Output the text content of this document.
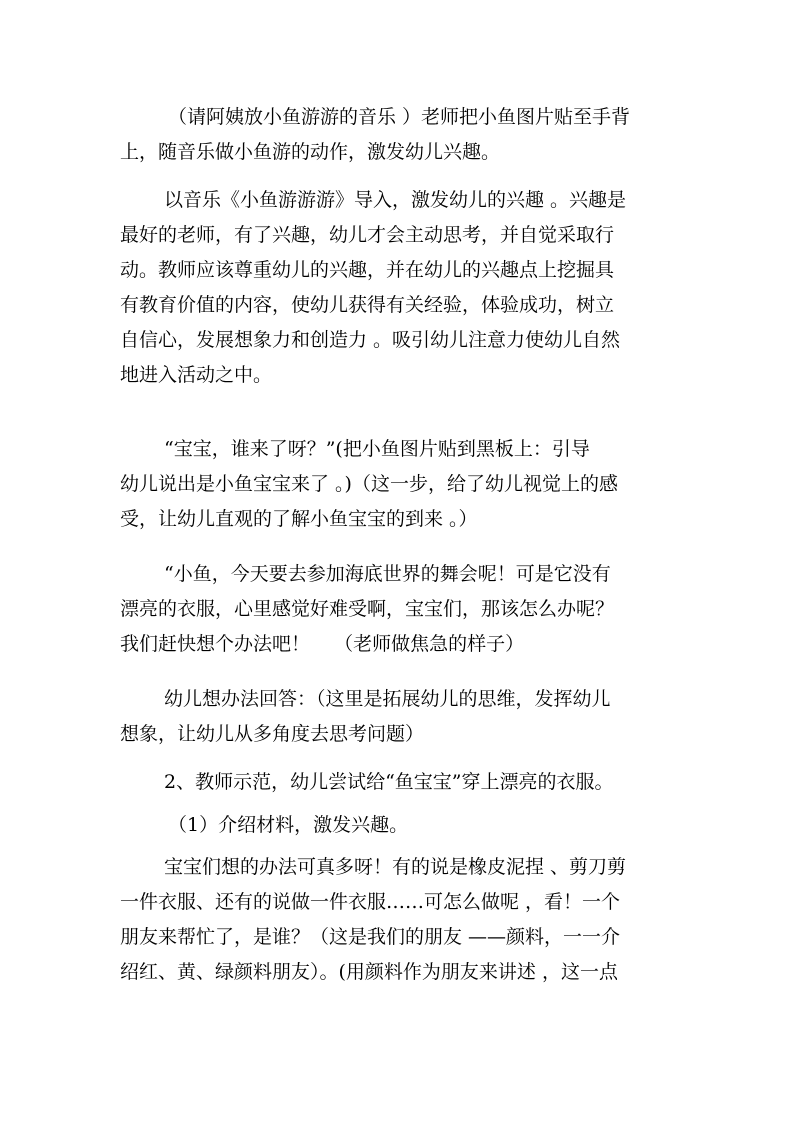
（请阿姨放小鱼游游的音乐 ）老师把小鱼图片贴至手背
上，随音乐做小鱼游的动作，激发幼儿兴趣。
以音乐《小鱼游游游》导入，激发幼儿的兴趣 。兴趣是
最好的老师，有了兴趣，幼儿才会主动思考，并自觉采取行
动。教师应该尊重幼儿的兴趣，并在幼儿的兴趣点上挖掘具
有教育价值的内容，使幼儿获得有关经验，体验成功，树立
自信心，发展想象力和创造力 。吸引幼儿注意力使幼儿自然
地进入活动之中。
“宝宝，谁来了呀？”(把小鱼图片贴到黑板上：引导
幼儿说出是小鱼宝宝来了 。)（这一步，给了幼儿视觉上的感
受，让幼儿直观的了解小鱼宝宝的到来 。）
“小鱼，今天要去参加海底世界的舞会呢！可是它没有
漂亮的衣服，心里感觉好难受啊，宝宝们，那该怎么办呢？
我们赶快想个办法吧！    （老师做焦急的样子）
幼儿想办法回答：（这里是拓展幼儿的思维，发挥幼儿
想象，让幼儿从多角度去思考问题）
2、教师示范，幼儿尝试给“鱼宝宝”穿上漂亮的衣服。
（1）介绍材料，激发兴趣。
宝宝们想的办法可真多呀！有的说是橡皮泥捏 、剪刀剪
一件衣服、还有的说做一件衣服……可怎么做呢 ，看！一个
朋友来帮忙了，是谁？（这是我们的朋友 ——颜料，一一介
绍红、黄、绿颜料朋友）。(用颜料作为朋友来讲述 ，这一点
